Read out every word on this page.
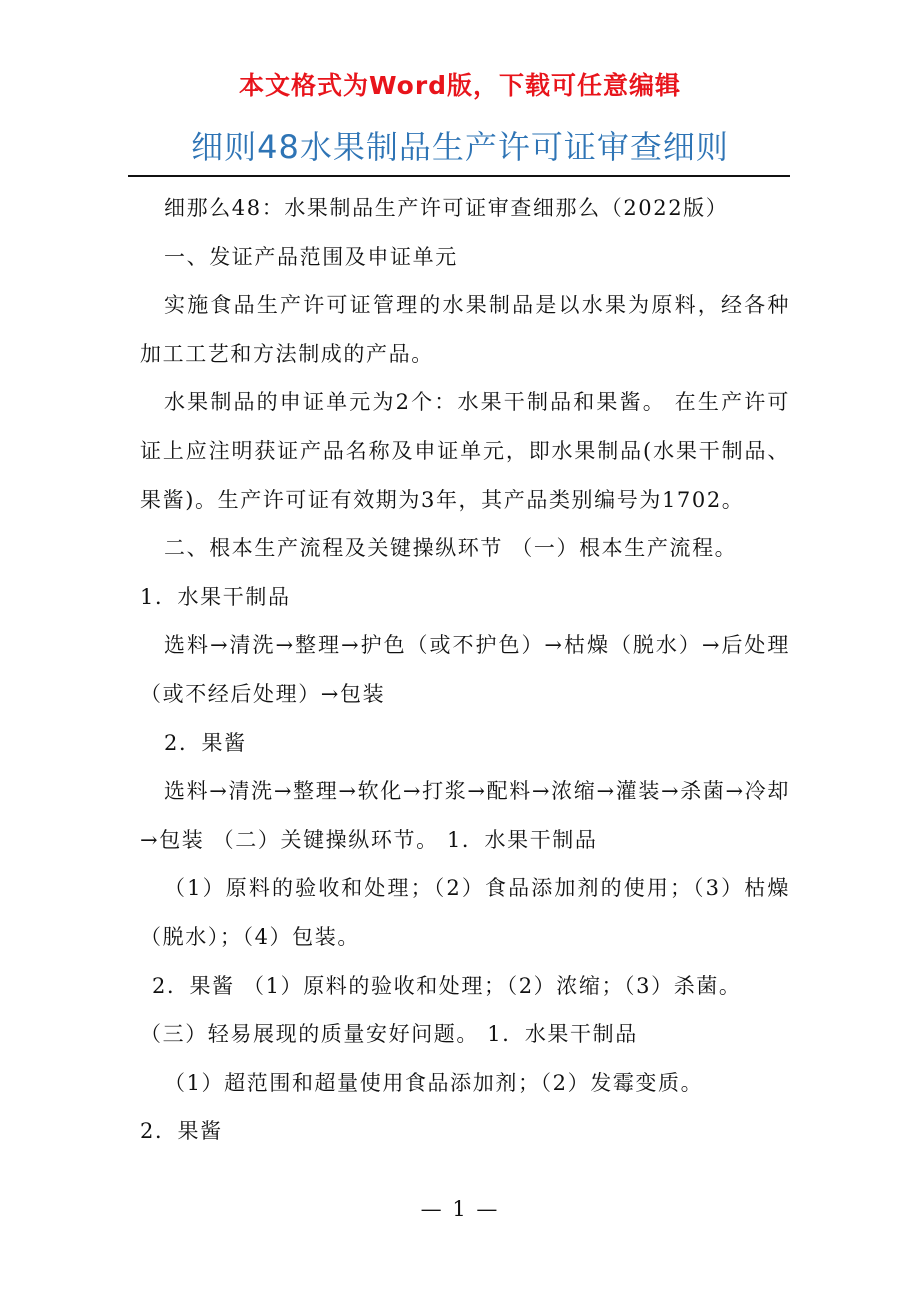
本文格式为Word版，下载可任意编辑
细则48水果制品生产许可证审查细则

细那么48：水果制品生产许可证审查细那么（2022版）

一、发证产品范围及申证单元

实施食品生产许可证管理的水果制品是以水果为原料，经各种加工工艺和方法制成的产品。

水果制品的申证单元为2个：水果干制品和果酱。 在生产许可证上应注明获证产品名称及申证单元，即水果制品(水果干制品、果酱)。生产许可证有效期为3年，其产品类别编号为1702。

二、根本生产流程及关键操纵环节 （一）根本生产流程。

1．水果干制品

选料→清洗→整理→护色（或不护色）→枯燥（脱水）→后处理（或不经后处理）→包装

2．果酱

选料→清洗→整理→软化→打浆→配料→浓缩→灌装→杀菌→冷却→包装 （二）关键操纵环节。 1．水果干制品

（1）原料的验收和处理；（2）食品添加剂的使用；（3）枯燥（脱水）；（4）包装。

2．果酱 （1）原料的验收和处理；（2）浓缩；（3）杀菌。

（三）轻易展现的质量安好问题。 1．水果干制品

（1）超范围和超量使用食品添加剂；（2）发霉变质。

2．果酱

— 1 —
